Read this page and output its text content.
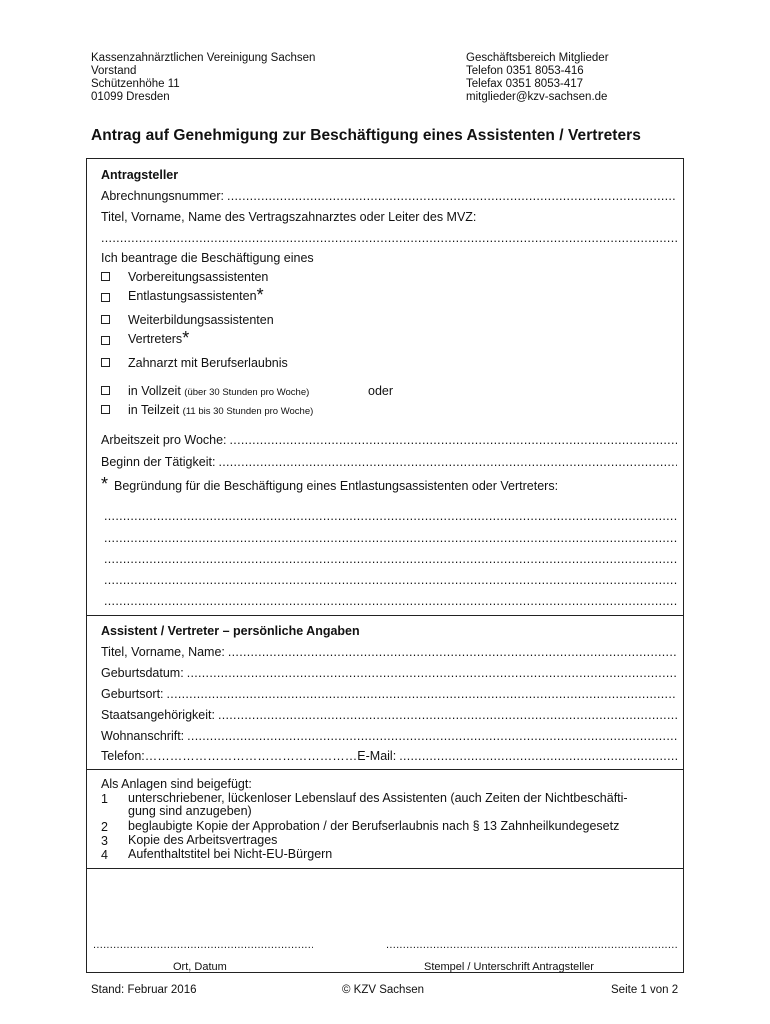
Kassenzahnärztlichen Vereinigung Sachsen
Vorstand
Schützenhöhe 11
01099 Dresden
Geschäftsbereich Mitglieder
Telefon 0351 8053-416
Telefax 0351 8053-417
mitglieder@kzv-sachsen.de
Antrag auf Genehmigung zur Beschäftigung eines Assistenten / Vertreters
Antragsteller
Abrechnungsnummer:
.....
Titel, Vorname, Name des Vertragszahnarztes oder Leiter des MVZ:
.....
Ich beantrage die Beschäftigung eines
Vorbereitungsassistenten
Entlastungsassistenten*
Weiterbildungsassistenten
Vertreters*
Zahnarzt mit Berufserlaubnis
in Vollzeit (über 30 Stunden pro Woche)	oder
in Teilzeit (11 bis 30 Stunden pro Woche)
Arbeitszeit pro Woche:
.....
Beginn der Tätigkeit:
.....
* Begründung für die Beschäftigung eines Entlastungsassistenten oder Vertreters:
.....
.....
.....
.....
.....
Assistent / Vertreter – persönliche Angaben
Titel, Vorname, Name:
.....
Geburtsdatum:
.....
Geburtsort:
.....
Staatsangehörigkeit:
.....
Wohnanschrift:
.....
Telefon: …………………………………………… E-Mail:
.....
Als Anlagen sind beigefügt:
1	unterschriebener, lückenloser Lebenslauf des Assistenten (auch Zeiten der Nichtbeschäfti-gung sind anzugeben)
2	beglaubigte Kopie der Approbation / der Berufserlaubnis nach § 13 Zahnheilkundegesetz
3	Kopie des Arbeitsvertrages
4	Aufenthaltstitel bei Nicht-EU-Bürgern
.....
Ort, Datum
.....	Stempel / Unterschrift Antragsteller
Stand: Februar 2016	© KZV Sachsen	Seite 1 von 2
